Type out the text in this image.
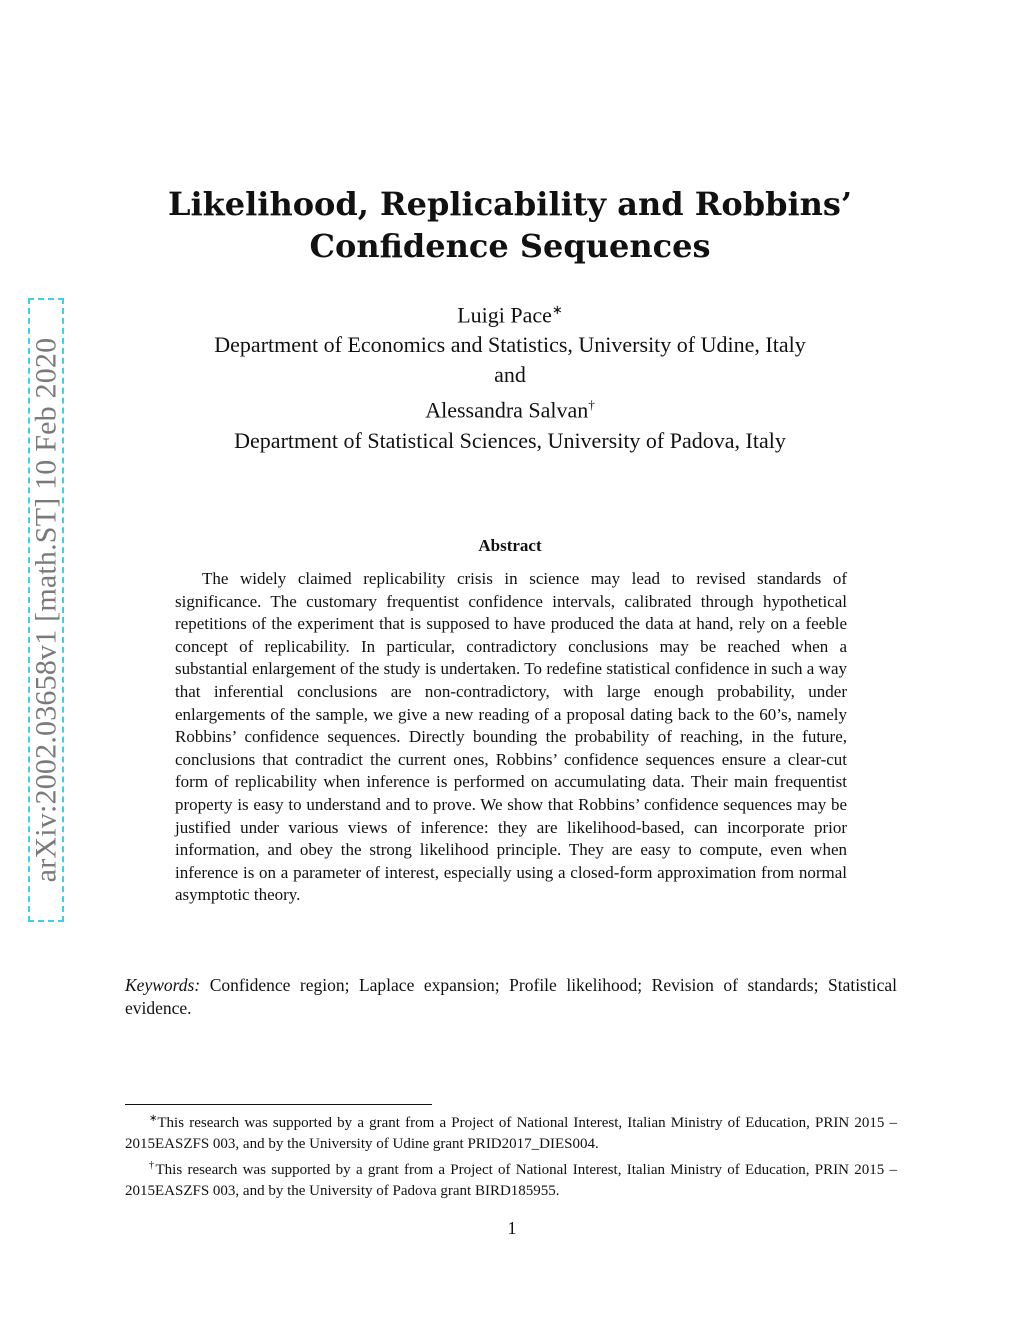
arXiv:2002.03658v1 [math.ST] 10 Feb 2020
Likelihood, Replicability and Robbins’
Confidence Sequences
Luigi Pace∗
Department of Economics and Statistics, University of Udine, Italy
and
Alessandra Salvan†
Department of Statistical Sciences, University of Padova, Italy
Abstract

The widely claimed replicability crisis in science may lead to revised standards of significance. The customary frequentist confidence intervals, calibrated through hypothetical repetitions of the experiment that is supposed to have produced the data at hand, rely on a feeble concept of replicability. In particular, contradictory conclusions may be reached when a substantial enlargement of the study is undertaken. To redefine statistical confidence in such a way that inferential conclusions are non-contradictory, with large enough probability, under enlargements of the sample, we give a new reading of a proposal dating back to the 60’s, namely Robbins’ confidence sequences. Directly bounding the probability of reaching, in the future, conclusions that contradict the current ones, Robbins’ confidence sequences ensure a clear-cut form of replicability when inference is performed on accumulating data. Their main frequentist property is easy to understand and to prove. We show that Robbins’ confidence sequences may be justified under various views of inference: they are likelihood-based, can incorporate prior information, and obey the strong likelihood principle. They are easy to compute, even when inference is on a parameter of interest, especially using a closed-form approximation from normal asymptotic theory.

Keywords: Confidence region; Laplace expansion; Profile likelihood; Revision of standards; Statistical evidence.

∗This research was supported by a grant from a Project of National Interest, Italian Ministry of Education, PRIN 2015 – 2015EASZFS 003, and by the University of Udine grant PRID2017_DIES004.

†This research was supported by a grant from a Project of National Interest, Italian Ministry of Education, PRIN 2015 – 2015EASZFS 003, and by the University of Padova grant BIRD185955.

1
